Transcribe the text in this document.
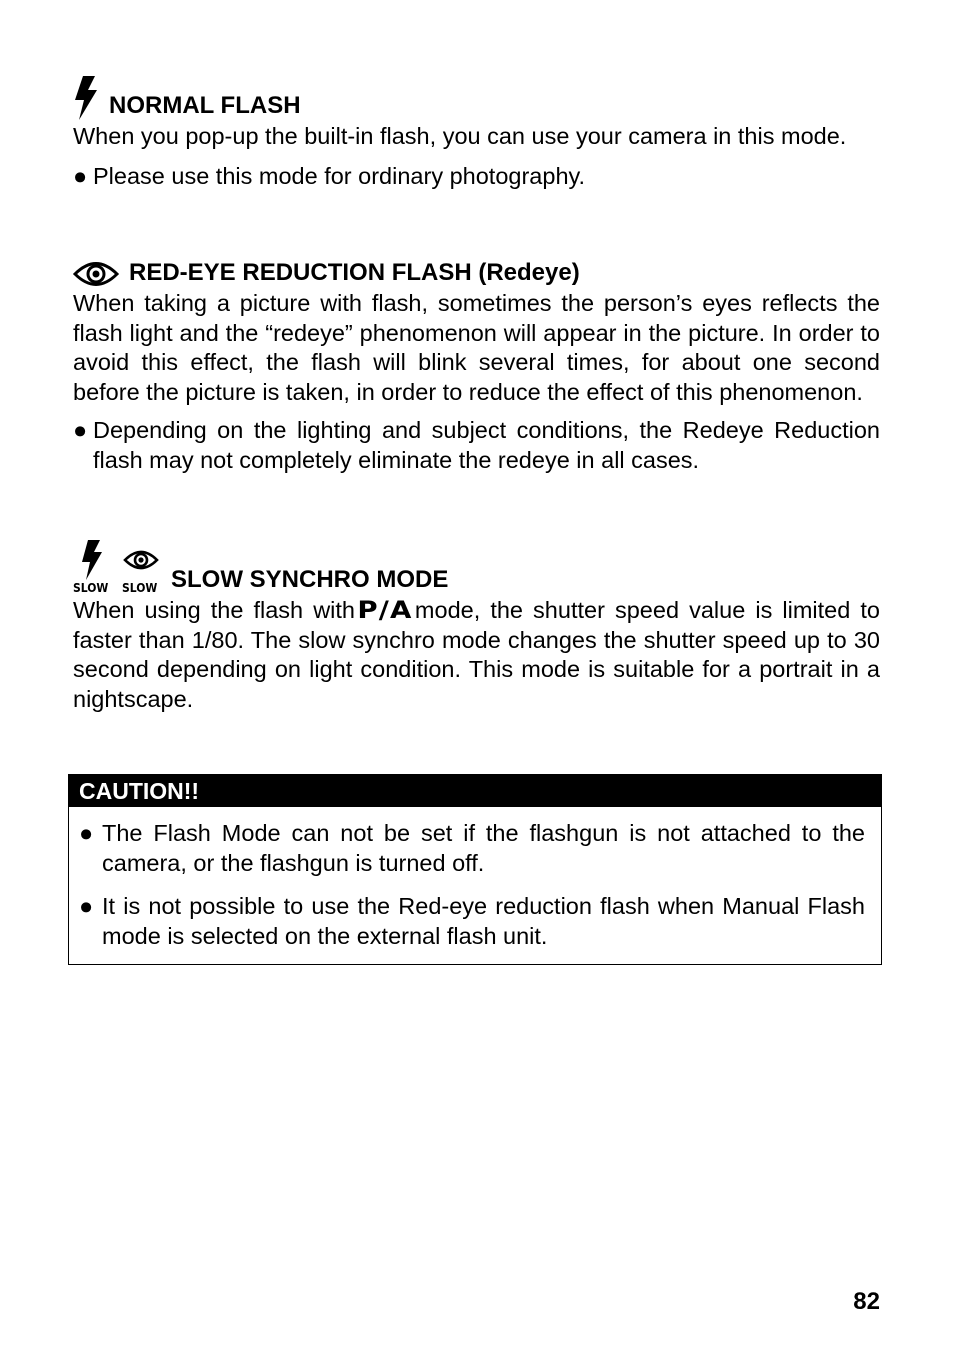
NORMAL FLASH

When you pop-up the built-in flash, you can use your camera in this mode.

● Please use this mode for ordinary photography.
RED-EYE REDUCTION FLASH (Redeye)

When taking a picture with flash, sometimes the person’s eyes reflects the flash light and the “redeye” phenomenon will appear in the picture. In order to avoid this effect, the flash will blink several times, for about one second before the picture is taken, in order to reduce the effect of this phenomenon.

● Depending on the lighting and subject conditions, the Redeye Reduction flash may not completely eliminate the redeye in all cases.
SLOW SLOW SLOW SYNCHRO MODE

When using the flash with P/A mode, the shutter speed value is limited to faster than 1/80. The slow synchro mode changes the shutter speed up to 30 second depending on light condition. This mode is suitable for a portrait in a nightscape.

CAUTION!!
● The Flash Mode can not be set if the flashgun is not attached to the camera, or the flashgun is turned off.
● It is not possible to use the Red-eye reduction flash when Manual Flash mode is selected on the external flash unit.
82
